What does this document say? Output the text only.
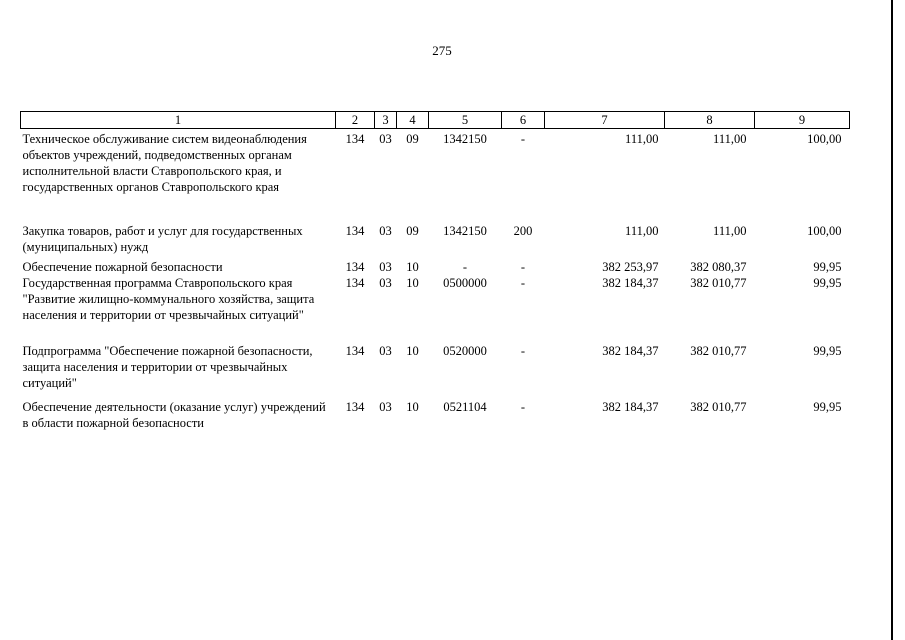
275
1	2	3	4	5	6	7	8	9
Техническое обслуживание систем видеонаблюдения объектов учреждений, подведомственных органам исполнительной власти Ставропольского края, и государственных органов Ставропольского края	134	03	09	1342150	-	111,00	111,00	100,00
Закупка товаров, работ и услуг для государственных (муниципальных) нужд	134	03	09	1342150	200	111,00	111,00	100,00
Обеспечение пожарной безопасности	134	03	10	-	-	382 253,97	382 080,37	99,95
Государственная программа Ставропольского края "Развитие жилищно-коммунального хозяйства, защита населения и территории от чрезвычайных ситуаций"	134	03	10	0500000	-	382 184,37	382 010,77	99,95
Подпрограмма "Обеспечение пожарной безопасности, защита населения и территории от чрезвычайных ситуаций"	134	03	10	0520000	-	382 184,37	382 010,77	99,95
Обеспечение деятельности (оказание услуг) учреждений в области пожарной безопасности	134	03	10	0521104	-	382 184,37	382 010,77	99,95
